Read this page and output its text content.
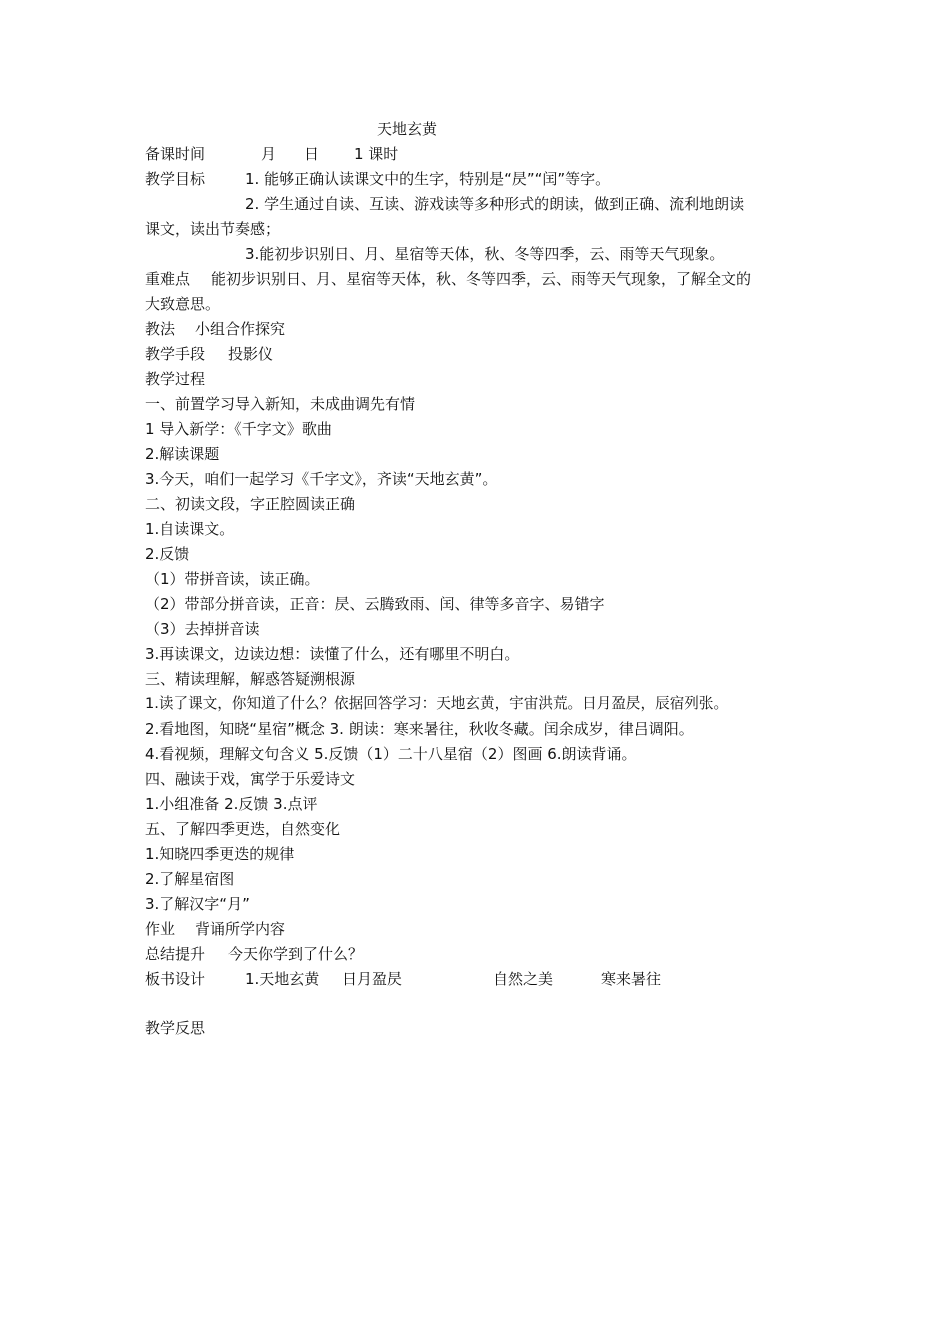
天地玄黄
备课时间	月 日 1 课时
教学目标	1. 能够正确认读课文中的生字，特别是“昃”“闰”等字。
2. 学生通过自读、互读、游戏读等多种形式的朗读，做到正确、流利地朗读
课文，读出节奏感；
3.能初步识别日、月、星宿等天体，秋、冬等四季，云、雨等天气现象。
重难点 能初步识别日、月、星宿等天体，秋、冬等四季，云、雨等天气现象，了解全文的
大致意思。
教法 小组合作探究
教学手段 投影仪
教学过程
一、前置学习导入新知，未成曲调先有情
1 导入新学：《千字文》歌曲
2.解读课题
3.今天，咱们一起学习《千字文》，齐读“天地玄黄”。
二、初读文段，字正腔圆读正确
1.自读课文。
2.反馈
（1）带拼音读，读正确。
（2）带部分拼音读，正音：昃、云腾致雨、闰、律等多音字、易错字
（3）去掉拼音读
3.再读课文，边读边想：读懂了什么，还有哪里不明白。
三、精读理解，解惑答疑溯根源
1.读了课文，你知道了什么？依据回答学习：天地玄黄，宇宙洪荒。日月盈昃，辰宿列张。
2.看地图，知晓“星宿”概念 3. 朗读：寒来暑往，秋收冬藏。闰余成岁，律吕调阳。
4.看视频，理解文句含义 5.反馈（1）二十八星宿（2）图画 6.朗读背诵。
四、融读于戏，寓学于乐爱诗文
1.小组准备 2.反馈 3.点评
五、了解四季更迭，自然变化
1.知晓四季更迭的规律
2.了解星宿图
3.了解汉字“月”
作业 背诵所学内容
总结提升 今天你学到了什么？
板书设计	1.天地玄黄 日月盈昃	自然之美	寒来暑往
教学反思
